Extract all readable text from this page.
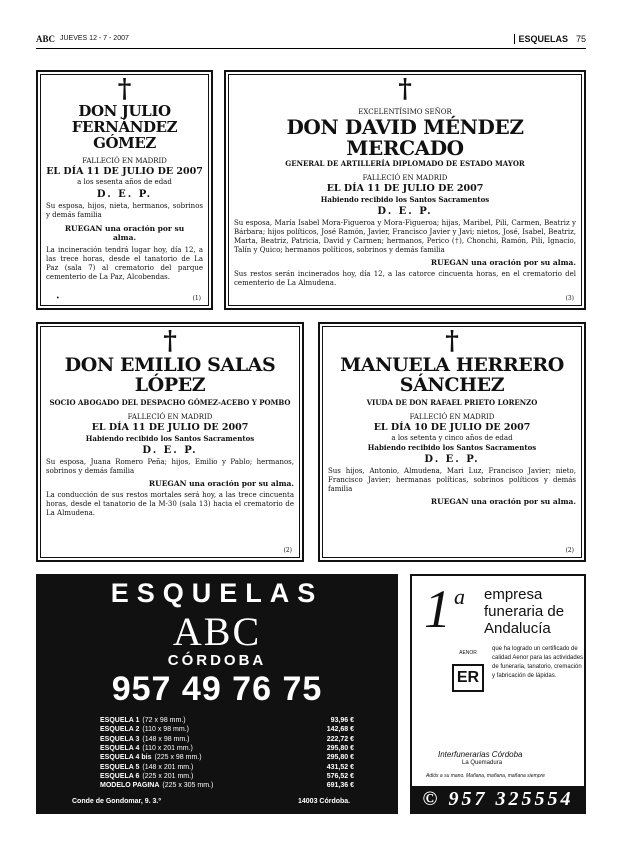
ABC JUEVES 12 - 7 - 2007	ESQUELAS 75
†
DON JULIO FERNÁNDEZ GÓMEZ
FALLECIÓ EN MADRID
EL DÍA 11 DE JULIO DE 2007
a los sesenta años de edad
D. E. P.
Su esposa, hijos, nieta, hermanos, sobrinos y demás familia
RUEGAN una oración por su alma.
La incineración tendrá lugar hoy, día 12, a las trece horas, desde el tanatorio de La Paz (sala 7) al crematorio del parque cementerio de La Paz, Alcobendas.
•	(1)
†
EXCELENTÍSIMO SEÑOR
DON DAVID MÉNDEZ MERCADO
GENERAL DE ARTILLERÍA DIPLOMADO DE ESTADO MAYOR
FALLECIÓ EN MADRID
EL DÍA 11 DE JULIO DE 2007
Habiendo recibido los Santos Sacramentos
D. E. P.
Su esposa, María Isabel Mora-Figueroa y Mora-Figueroa; hijas, Maribel, Pili, Carmen, Beatriz y Bárbara; hijos políticos, José Ramón, Javier, Francisco Javier y Javi; nietos, José, Isabel, Beatriz, Marta, Beatriz, Patricia, David y Carmen; hermanos, Perico (†), Chonchi, Ramón, Pili, Ignacio, Talín y Quico; hermanos políticos, sobrinos y demás familia
RUEGAN una oración por su alma.
Sus restos serán incinerados hoy, día 12, a las catorce cincuenta horas, en el crematorio del cementerio de La Almudena.
(3)
†
DON EMILIO SALAS LÓPEZ
SOCIO ABOGADO DEL DESPACHO GÓMEZ-ACEBO Y POMBO
FALLECIÓ EN MADRID
EL DÍA 11 DE JULIO DE 2007
Habiendo recibido los Santos Sacramentos
D. E. P.
Su esposa, Juana Romero Peña; hijos, Emilio y Pablo; hermanos, sobrinos y demás familia
RUEGAN una oración por su alma.
La conducción de sus restos mortales será hoy, a las trece cincuenta horas, desde el tanatorio de la M-30 (sala 13) hacia el crematorio de La Almudena.
(2)
†
MANUELA HERRERO SÁNCHEZ
VIUDA DE DON RAFAEL PRIETO LORENZO
FALLECIÓ EN MADRID
EL DÍA 10 DE JULIO DE 2007
a los setenta y cinco años de edad
Habiendo recibido los Santos Sacramentos
D. E. P.
Sus hijos, Antonio, Almudena, Mari Luz, Francisco Javier; nieto, Francisco Javier; hermanas políticas, sobrinos políticos y demás familia
RUEGAN una oración por su alma.
(2)
ESQUELAS
ABC
CÓRDOBA
957 49 76 75
ESQUELA 1 (72 x 98 mm.)	93,96 €
ESQUELA 2 (110 x 98 mm.)	142,68 €
ESQUELA 3 (148 x 98 mm.)	222,72 €
ESQUELA 4 (110 x 201 mm.)	295,80 €
ESQUELA 4 bis (225 x 98 mm.)	295,80 €
ESQUELA 5 (148 x 201 mm.)	431,52 €
ESQUELA 6 (225 x 201 mm.)	576,52 €
MODELO PAGINA (225 x 305 mm.)	691,36 €
Conde de Gondomar, 9. 3.º	14003 Córdoba.
1 a empresa funeraria de Andalucía
AENOR
ER
que ha logrado un certificado de calidad Aenor para las actividades de funeraria, tanatorio, cremación y fabricación de lápidas.
Interfunerarias Córdoba
La Quemadura
Adiós a su mano. Mañana, mañana, mañana siempre
© 957 325554
